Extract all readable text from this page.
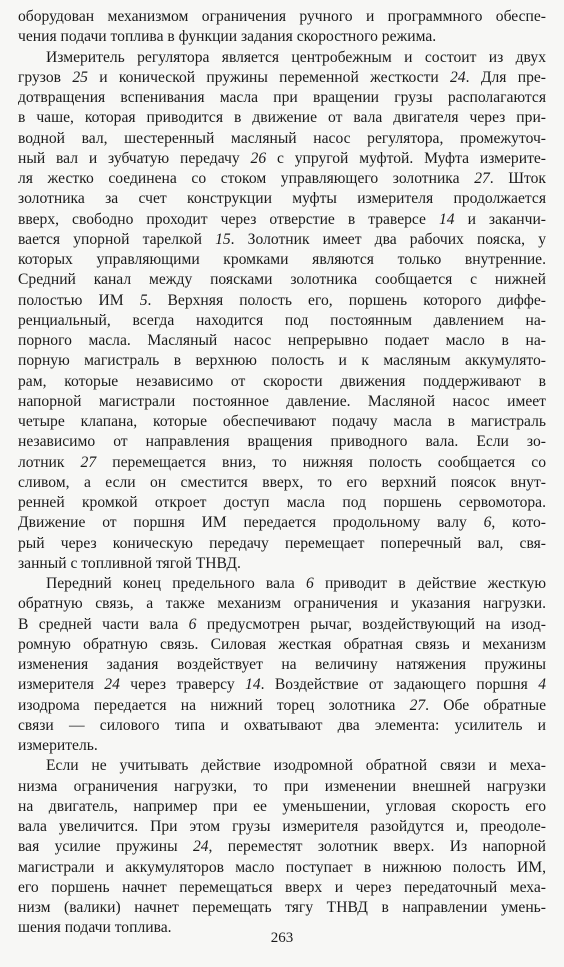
оборудован механизмом ограничения ручного и программного обеспе-
чения подачи топлива в функции задания скоростного режима.
Измеритель регулятора является центробежным и состоит из двух
грузов 25 и конической пружины переменной жесткости 24. Для пре-
дотвращения вспенивания масла при вращении грузы располагаются
в чаше, которая приводится в движение от вала двигателя через при-
водной вал, шестеренный масляный насос регулятора, промежуточ-
ный вал и зубчатую передачу 26 с упругой муфтой. Муфта измерите-
ля жестко соединена со стоком управляющего золотника 27. Шток
золотника за счет конструкции муфты измерителя продолжается
вверх, свободно проходит через отверстие в траверсе 14 и заканчи-
вается упорной тарелкой 15. Золотник имеет два рабочих пояска, у
которых управляющими кромками являются только внутренние.
Средний канал между поясками золотника сообщается с нижней
полостью ИМ 5. Верхняя полость его, поршень которого диффе-
ренциальный, всегда находится под постоянным давлением на-
порного масла. Масляный насос непрерывно подает масло в на-
порную магистраль в верхнюю полость и к масляным аккумулято-
рам, которые независимо от скорости движения поддерживают в
напорной магистрали постоянное давление. Масляной насос имеет
четыре клапана, которые обеспечивают подачу масла в магистраль
независимо от направления вращения приводного вала. Если зо-
лотник 27 перемещается вниз, то нижняя полость сообщается со
сливом, а если он сместится вверх, то его верхний поясок внут-
ренней кромкой откроет доступ масла под поршень сервомотора.
Движение от поршня ИМ передается продольному валу 6, кото-
рый через коническую передачу перемещает поперечный вал, свя-
занный с топливной тягой ТНВД.
Передний конец предельного вала 6 приводит в действие жесткую
обратную связь, а также механизм ограничения и указания нагрузки.
В средней части вала 6 предусмотрен рычаг, воздействующий на изод-
ромную обратную связь. Силовая жесткая обратная связь и механизм
изменения задания воздействует на величину натяжения пружины
измерителя 24 через траверсу 14. Воздействие от задающего поршня 4
изодрома передается на нижний торец золотника 27. Обе обратные
связи — силового типа и охватывают два элемента: усилитель и
измеритель.
Если не учитывать действие изодромной обратной связи и меха-
низма ограничения нагрузки, то при изменении внешней нагрузки
на двигатель, например при ее уменьшении, угловая скорость его
вала увеличится. При этом грузы измерителя разойдутся и, преодоле-
вая усилие пружины 24, переместят золотник вверх. Из напорной
магистрали и аккумуляторов масло поступает в нижнюю полость ИМ,
его поршень начнет перемещаться вверх и через передаточный меха-
низм (валики) начнет перемещать тягу ТНВД в направлении умень-
шения подачи топлива.
263
